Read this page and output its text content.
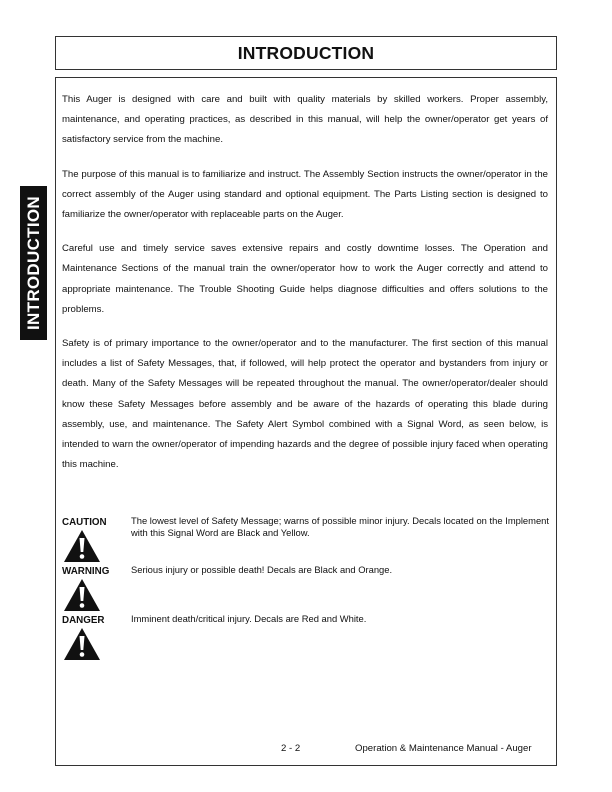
INTRODUCTION
INTRODUCTION

This Auger is designed with care and built with quality materials by skilled workers. Proper assembly, maintenance, and operating practices, as described in this manual, will help the owner/operator get years of satisfactory service from the machine.

The purpose of this manual is to familiarize and instruct. The Assembly Section instructs the owner/operator in the correct assembly of the Auger using standard and optional equipment. The Parts Listing section is designed to familiarize the owner/operator with replaceable parts on the Auger.

Careful use and timely service saves extensive repairs and costly downtime losses. The Operation and Maintenance Sections of the manual train the owner/operator how to work the Auger correctly and attend to appropriate maintenance. The Trouble Shooting Guide helps diagnose difficulties and offers solutions to the problems.

Safety is of primary importance to the owner/operator and to the manufacturer. The first section of this manual includes a list of Safety Messages, that, if followed, will help protect the operator and bystanders from injury or death. Many of the Safety Messages will be repeated throughout the manual. The owner/operator/dealer should know these Safety Messages before assembly and be aware of the hazards of operating this blade during assembly, use, and maintenance. The Safety Alert Symbol combined with a Signal Word, as seen below, is intended to warn the owner/operator of impending hazards and the degree of possible injury faced when operating this machine.

CAUTION	The lowest level of Safety Message; warns of possible minor injury. Decals located on the Implement with this Signal Word are Black and Yellow.
WARNING Serious injury or possible death! Decals are Black and Orange.
DANGER	Imminent death/critical injury. Decals are Red and White.
2 - 2	Operation & Maintenance Manual - Auger
